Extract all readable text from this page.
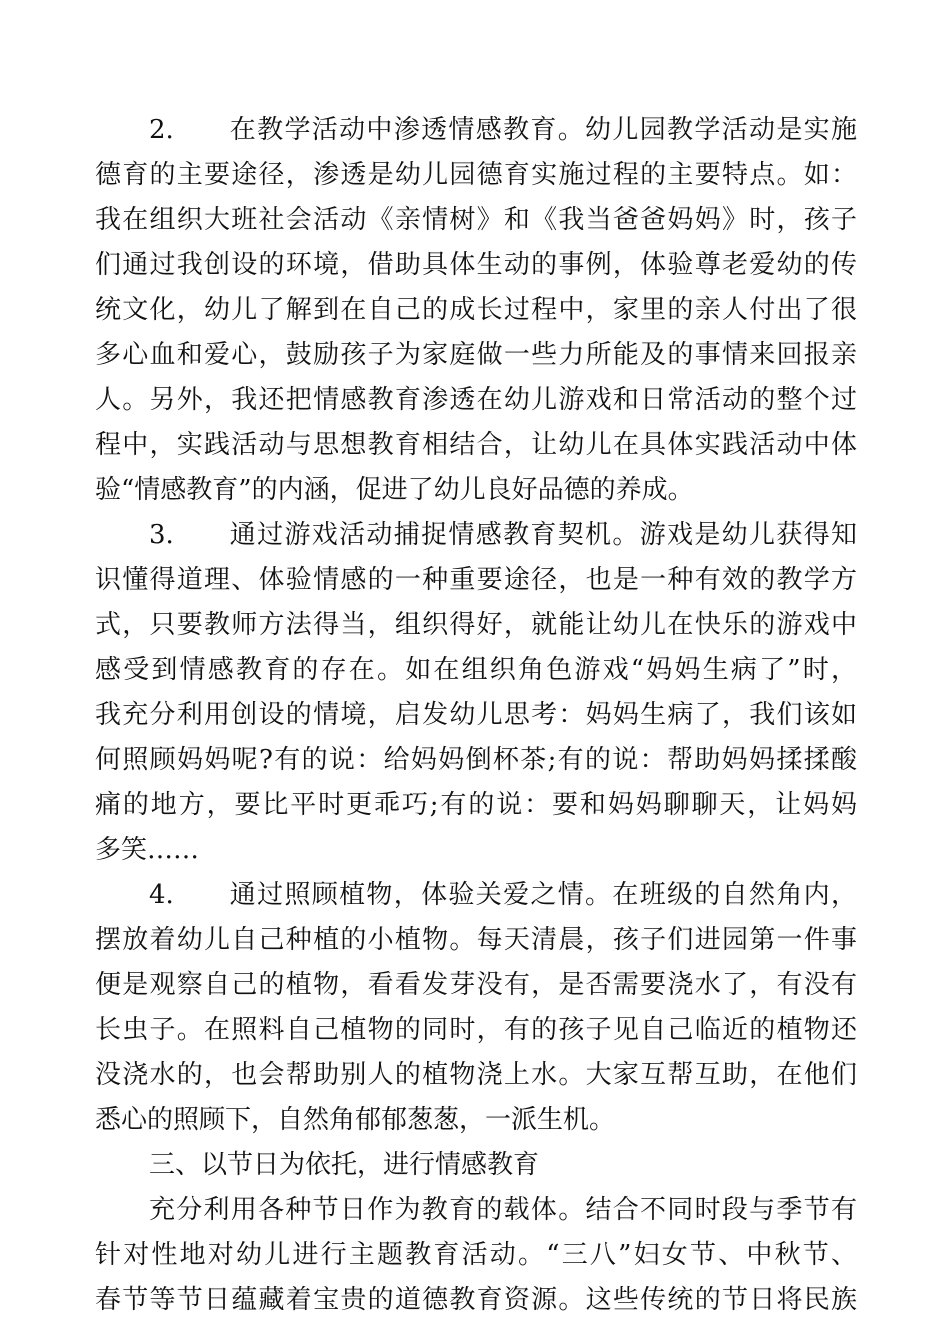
2.　　在教学活动中渗透情感教育。幼儿园教学活动是实施
德育的主要途径，渗透是幼儿园德育实施过程的主要特点。如：
我在组织大班社会活动《亲情树》和《我当爸爸妈妈》时，孩子
们通过我创设的环境，借助具体生动的事例，体验尊老爱幼的传
统文化，幼儿了解到在自己的成长过程中，家里的亲人付出了很
多心血和爱心，鼓励孩子为家庭做一些力所能及的事情来回报亲
人。另外，我还把情感教育渗透在幼儿游戏和日常活动的整个过
程中，实践活动与思想教育相结合，让幼儿在具体实践活动中体
验“情感教育”的内涵，促进了幼儿良好品德的养成。
3.　　通过游戏活动捕捉情感教育契机。游戏是幼儿获得知
识懂得道理、体验情感的一种重要途径，也是一种有效的教学方
式，只要教师方法得当，组织得好，就能让幼儿在快乐的游戏中
感受到情感教育的存在。如在组织角色游戏“妈妈生病了”时，
我充分利用创设的情境，启发幼儿思考：妈妈生病了，我们该如
何照顾妈妈呢?有的说：给妈妈倒杯茶;有的说：帮助妈妈揉揉酸
痛的地方，要比平时更乖巧;有的说：要和妈妈聊聊天，让妈妈
多笑……
4.　　通过照顾植物，体验关爱之情。在班级的自然角内，
摆放着幼儿自己种植的小植物。每天清晨，孩子们进园第一件事
便是观察自己的植物，看看发芽没有，是否需要浇水了，有没有
长虫子。在照料自己植物的同时，有的孩子见自己临近的植物还
没浇水的，也会帮助别人的植物浇上水。大家互帮互助，在他们
悉心的照顾下，自然角郁郁葱葱，一派生机。
三、以节日为依托，进行情感教育
充分利用各种节日作为教育的载体。结合不同时段与季节有
针对性地对幼儿进行主题教育活动。“三八”妇女节、中秋节、
春节等节日蕴藏着宝贵的道德教育资源。这些传统的节日将民族
